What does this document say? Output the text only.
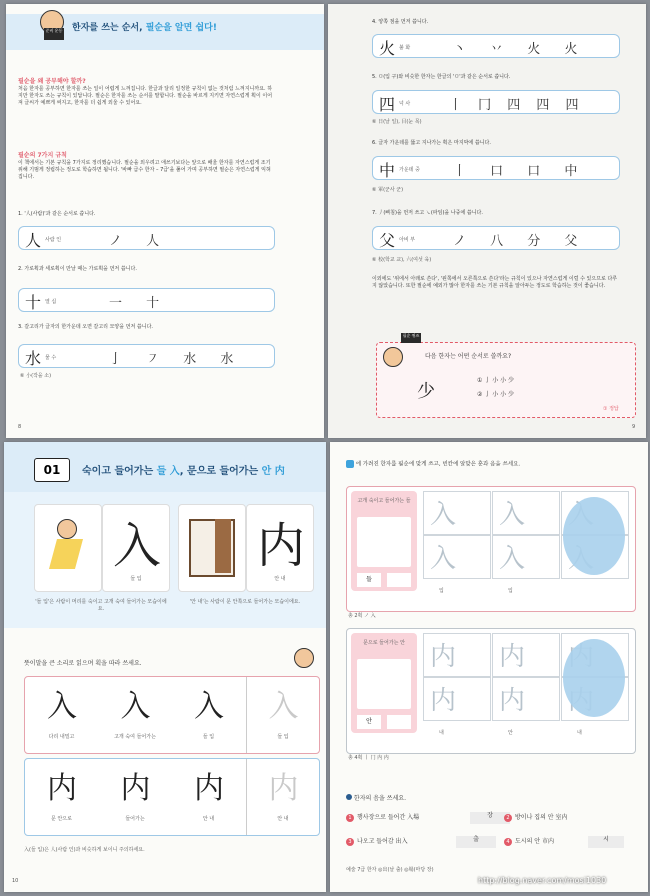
준비 운동 한자를 쓰는 순서, 필순을 알면 쉽다!
필순을 왜 공부해야 할까?
처음 한자를 공부하면 한자를 쓰는 일이 어렵게 느껴집니다. 한글과 달리 일정한 규칙이 없는 것처럼 느껴지니까요. 하지만 한자도 쓰는 규칙이 있답니다. 필순은 한자를 쓰는 순서를 말합니다. 필순을 바르게 지키면 자연스럽게 획이 이어져 글씨가 예쁘게 써지고, 한자를 더 쉽게 외울 수 있어요.
필순의 7가지 규칙
이 책에서는 기본 규칙을 7가지로 정리했습니다. 필순을 외우려고 애쓰기보다는 앞으로 배울 한자를 자연스럽게 조기 위해 기범게 정립하는 정도로 학습하면 됩니다. '바빠 급수 한자 – 7급'을 풀어 가며 공부하면 필순은 자연스럽게 익혀집니다.
1. '人(사람)'과 같은 순서로 씁니다.
人 사람 인	ノ 人
2. 가로획과 세로획이 만날 때는 가로획을 먼저 씁니다.
十 열 십	一 十
3. 갈고리가 글자의 한가운데 오면 갈고리 모양을 먼저 씁니다.
水 물 수	亅 ㇇ 水 水
⑥ 小(작을 소)
8
4. 양쪽 점을 먼저 씁니다.
火 불 화	丶 丷 火 火
5. ㅁ(입 구)와 비슷한 한자는 한글의 'ㅁ'과 같은 순서로 씁니다.
四 넉 사	丨 冂 四 四 四
⑥ 日(날 일), 目(눈 목)
6. 글자 가운데를 뚫고 지나가는 획은 마지막에 씁니다.
中 가운데 중	丨 口 口 中
⑥ 軍(군사 군)
7. 丿(삐침)을 먼저 쓰고 ㇏(파임)을 나중에 씁니다.
父 아비 부	ノ 八 分 父
⑥ 校(학교 교), 六(여섯 육)
이외에도 '위에서 아래로 쓴다', '왼쪽에서 오른쪽으로 쓴다'라는 규칙이 있으나 자연스럽게 이럴 수 있으므로 다루지 않았습니다. 또한 필순에 예외가 많아 한자를 쓰는 기본 규칙을 알아두는 정도로 학습하는 것이 좋습니다.
필순 퀴즈
다음 한자는 어떤 순서로 쓸까요?
少
① 亅 小 小 少
② 亅 小 小 少
① 정답
9
01	숙이고 들어가는 들 入, 문으로 들어가는 안 内
入
들 입
内
안 내
'들 입'은 사람이 머리를 숙이고 고개 숙여 들어가는 모습이에요.
'안 내'는 사람이 문 안쪽으로 들어가는 모습이에요.
뜻이말을 큰 소리로 읽으며 획을 따라 쓰세요.
入
다리 내밀고
入
고개 숙여 들어가는
入
들 입
入
들 입
内
문 안으로
内
들어가는
内
안 내
内
안 내
入(들 입)은 人(사람 인)과 비슷하게 보이니 주의하세요.
10
에 가려진 한자를 필순에 맞게 쓰고, 빈칸에 알맞은 훈과 음을 쓰세요.
고개 숙이고 들어가는 들
들
入 入
入 入
입	입
총 2획 ノ 入
문으로 들어가는 안
안
内 内
内 内
내	안	내
총 4획 丨 冂 内 内
한자의 음을 쓰세요.
1 행사장으로 들어간 入場	장	2 방이나 집의 안 室内
3 나오고 들어감 出入	출	4 도시의 안 市内	시
예술 7급 한자 ◎出(날 출) ◎場(마당 장)
http://blog.naver.com/mosi1030
